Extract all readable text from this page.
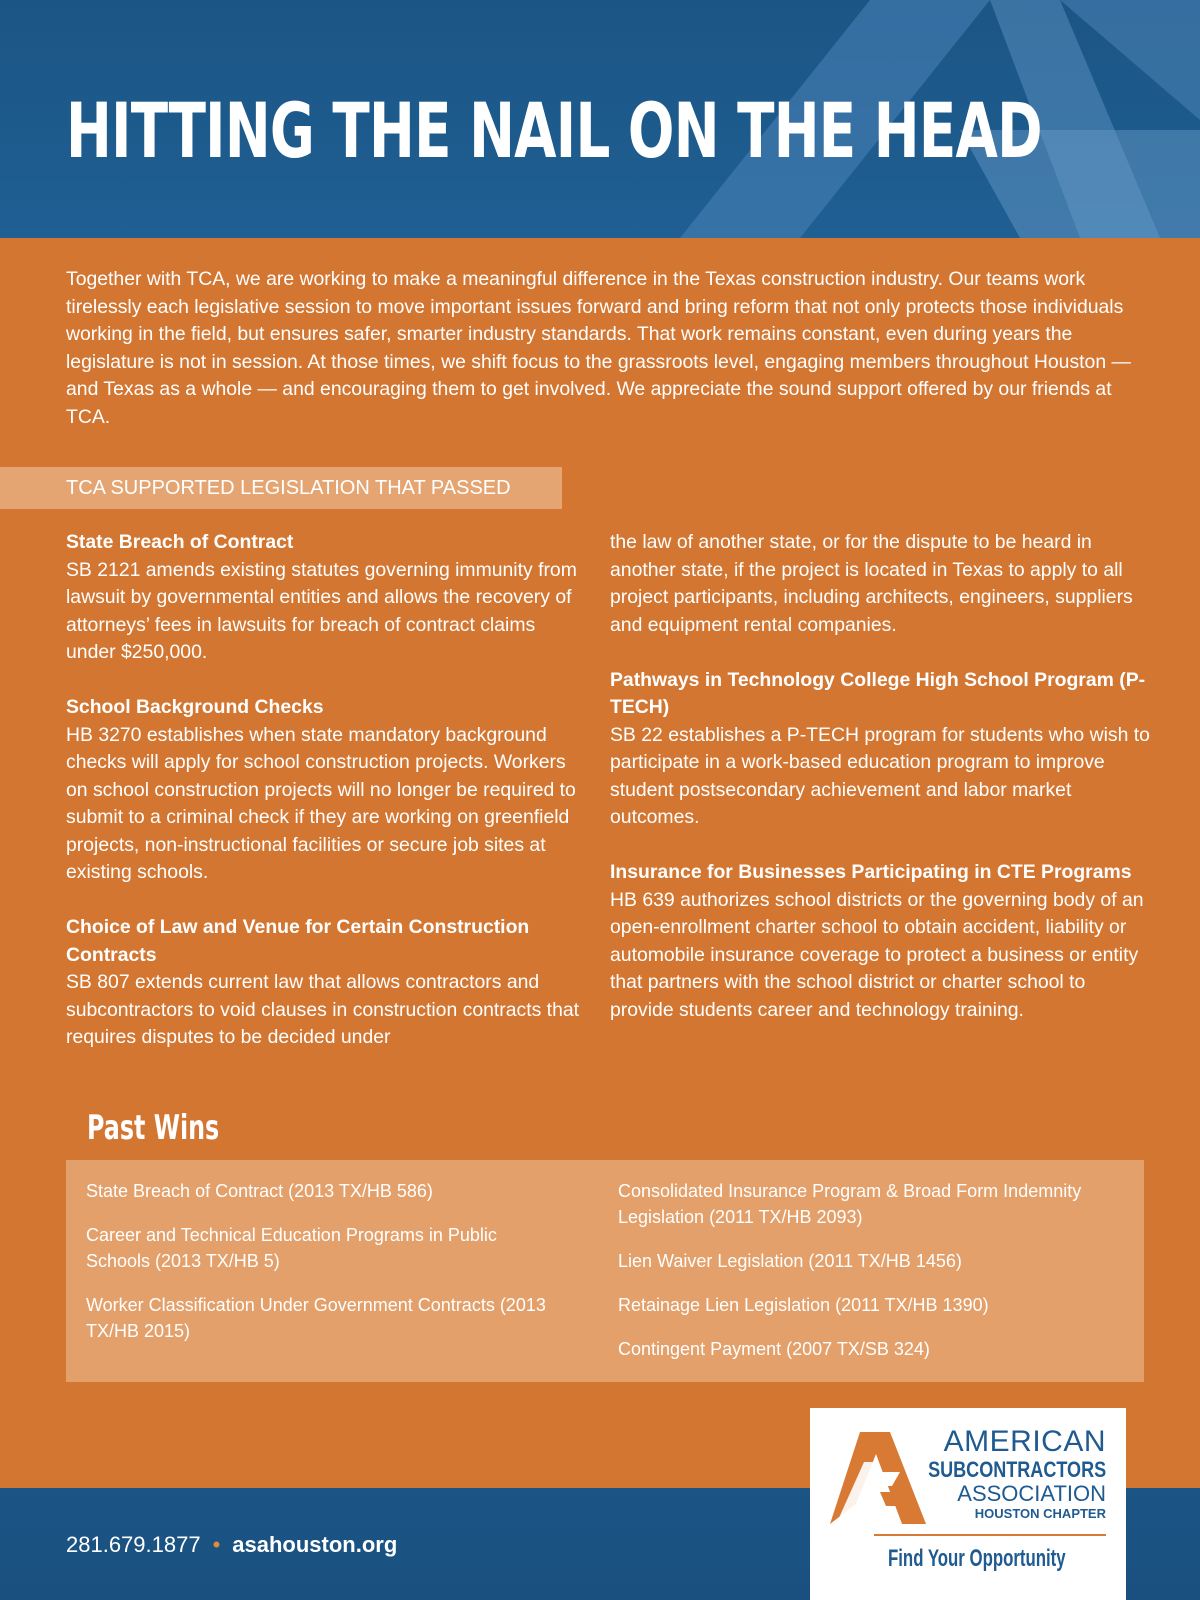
HITTING THE NAIL ON THE HEAD
Together with TCA, we are working to make a meaningful difference in the Texas construction industry. Our teams work tirelessly each legislative session to move important issues forward and bring reform that not only protects those individuals working in the field, but ensures safer, smarter industry standards. That work remains constant, even during years the legislature is not in session. At those times, we shift focus to the grassroots level, engaging members throughout Houston — and Texas as a whole — and encouraging them to get involved. We appreciate the sound support offered by our friends at TCA.
TCA SUPPORTED LEGISLATION THAT PASSED

State Breach of Contract
SB 2121 amends existing statutes governing immunity from lawsuit by governmental entities and allows the recovery of attorneys’ fees in lawsuits for breach of contract claims under $250,000.

School Background Checks
HB 3270 establishes when state mandatory background checks will apply for school construction projects. Workers on school construction projects will no longer be required to submit to a criminal check if they are working on greenfield projects, non-instructional facilities or secure job sites at existing schools.

Choice of Law and Venue for Certain Construction Contracts
SB 807 extends current law that allows contractors and subcontractors to void clauses in construction contracts that requires disputes to be decided under

the law of another state, or for the dispute to be heard in another state, if the project is located in Texas to apply to all project participants, including architects, engineers, suppliers and equipment rental companies.

Pathways in Technology College High School Program (P-TECH)
SB 22 establishes a P-TECH program for students who wish to participate in a work-based education program to improve student postsecondary achievement and labor market outcomes.

Insurance for Businesses Participating in CTE Programs
HB 639 authorizes school districts or the governing body of an open-enrollment charter school to obtain accident, liability or automobile insurance coverage to protect a business or entity that partners with the school district or charter school to provide students career and technology training.

Past Wins
State Breach of Contract (2013 TX/HB 586)
Career and Technical Education Programs in Public Schools (2013 TX/HB 5)
Worker Classification Under Government Contracts (2013 TX/HB 2015)
Consolidated Insurance Program & Broad Form Indemnity Legislation (2011 TX/HB 2093)
Lien Waiver Legislation (2011 TX/HB 1456)
Retainage Lien Legislation (2011 TX/HB 1390)
Contingent Payment (2007 TX/SB 324)
281.679.1877 • asahouston.org
AMERICAN
SUBCONTRACTORS
ASSOCIATION
HOUSTON CHAPTER
Find Your Opportunity
